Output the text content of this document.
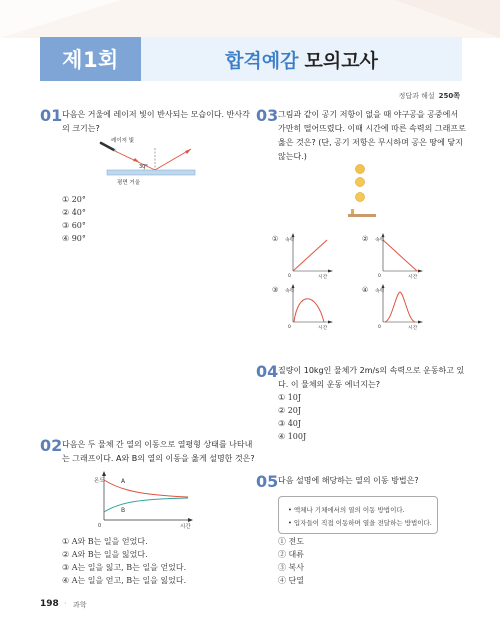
제1회	합격예감 모의고사
정답과 해설 250쪽
01 다음은 거울에 레이저 빛이 반사되는 모습이다. 반사각
의 크기는?
레이저 빛
30°
평면 거울
① 20°
② 40°
③ 60°
④ 90°
02 다음은 두 물체 간 열의 이동으로 열평형 상태를 나타내
는 그래프이다. A와 B의 열의 이동을 옳게 설명한 것은?
A
B
온도
시간
0
① A와 B는 일을 얻었다.
② A와 B는 일을 잃었다.
③ A는 일을 잃고, B는 일을 얻었다.
④ A는 일을 얻고, B는 일을 잃었다.
03 그림과 같이 공기 저항이 없을 때 야구공을 공중에서
가만히 떨어뜨렸다. 이때 시간에 따른 속력의 그래프로
옳은 것은? (단, 공기 저항은 무시하며 공은 땅에 닿지
않는다.)
① 속력
시간
0
② 속력
시간
0
③ 속력
시간
0
④ 속력
시간
0
04 질량이 10kg인 물체가 2m/s의 속력으로 운동하고 있
다. 이 물체의 운동 에너지는?
① 10J
② 20J
③ 40J
④ 100J
05 다음 설명에 해당하는 열의 이동 방법은?
• 액체나 기체에서의 열의 이동 방법이다.
• 입자들이 직접 이동하며 열을 전달하는 방법이다.
① 전도
② 대류
③ 복사
④ 단열
198 · 과학
